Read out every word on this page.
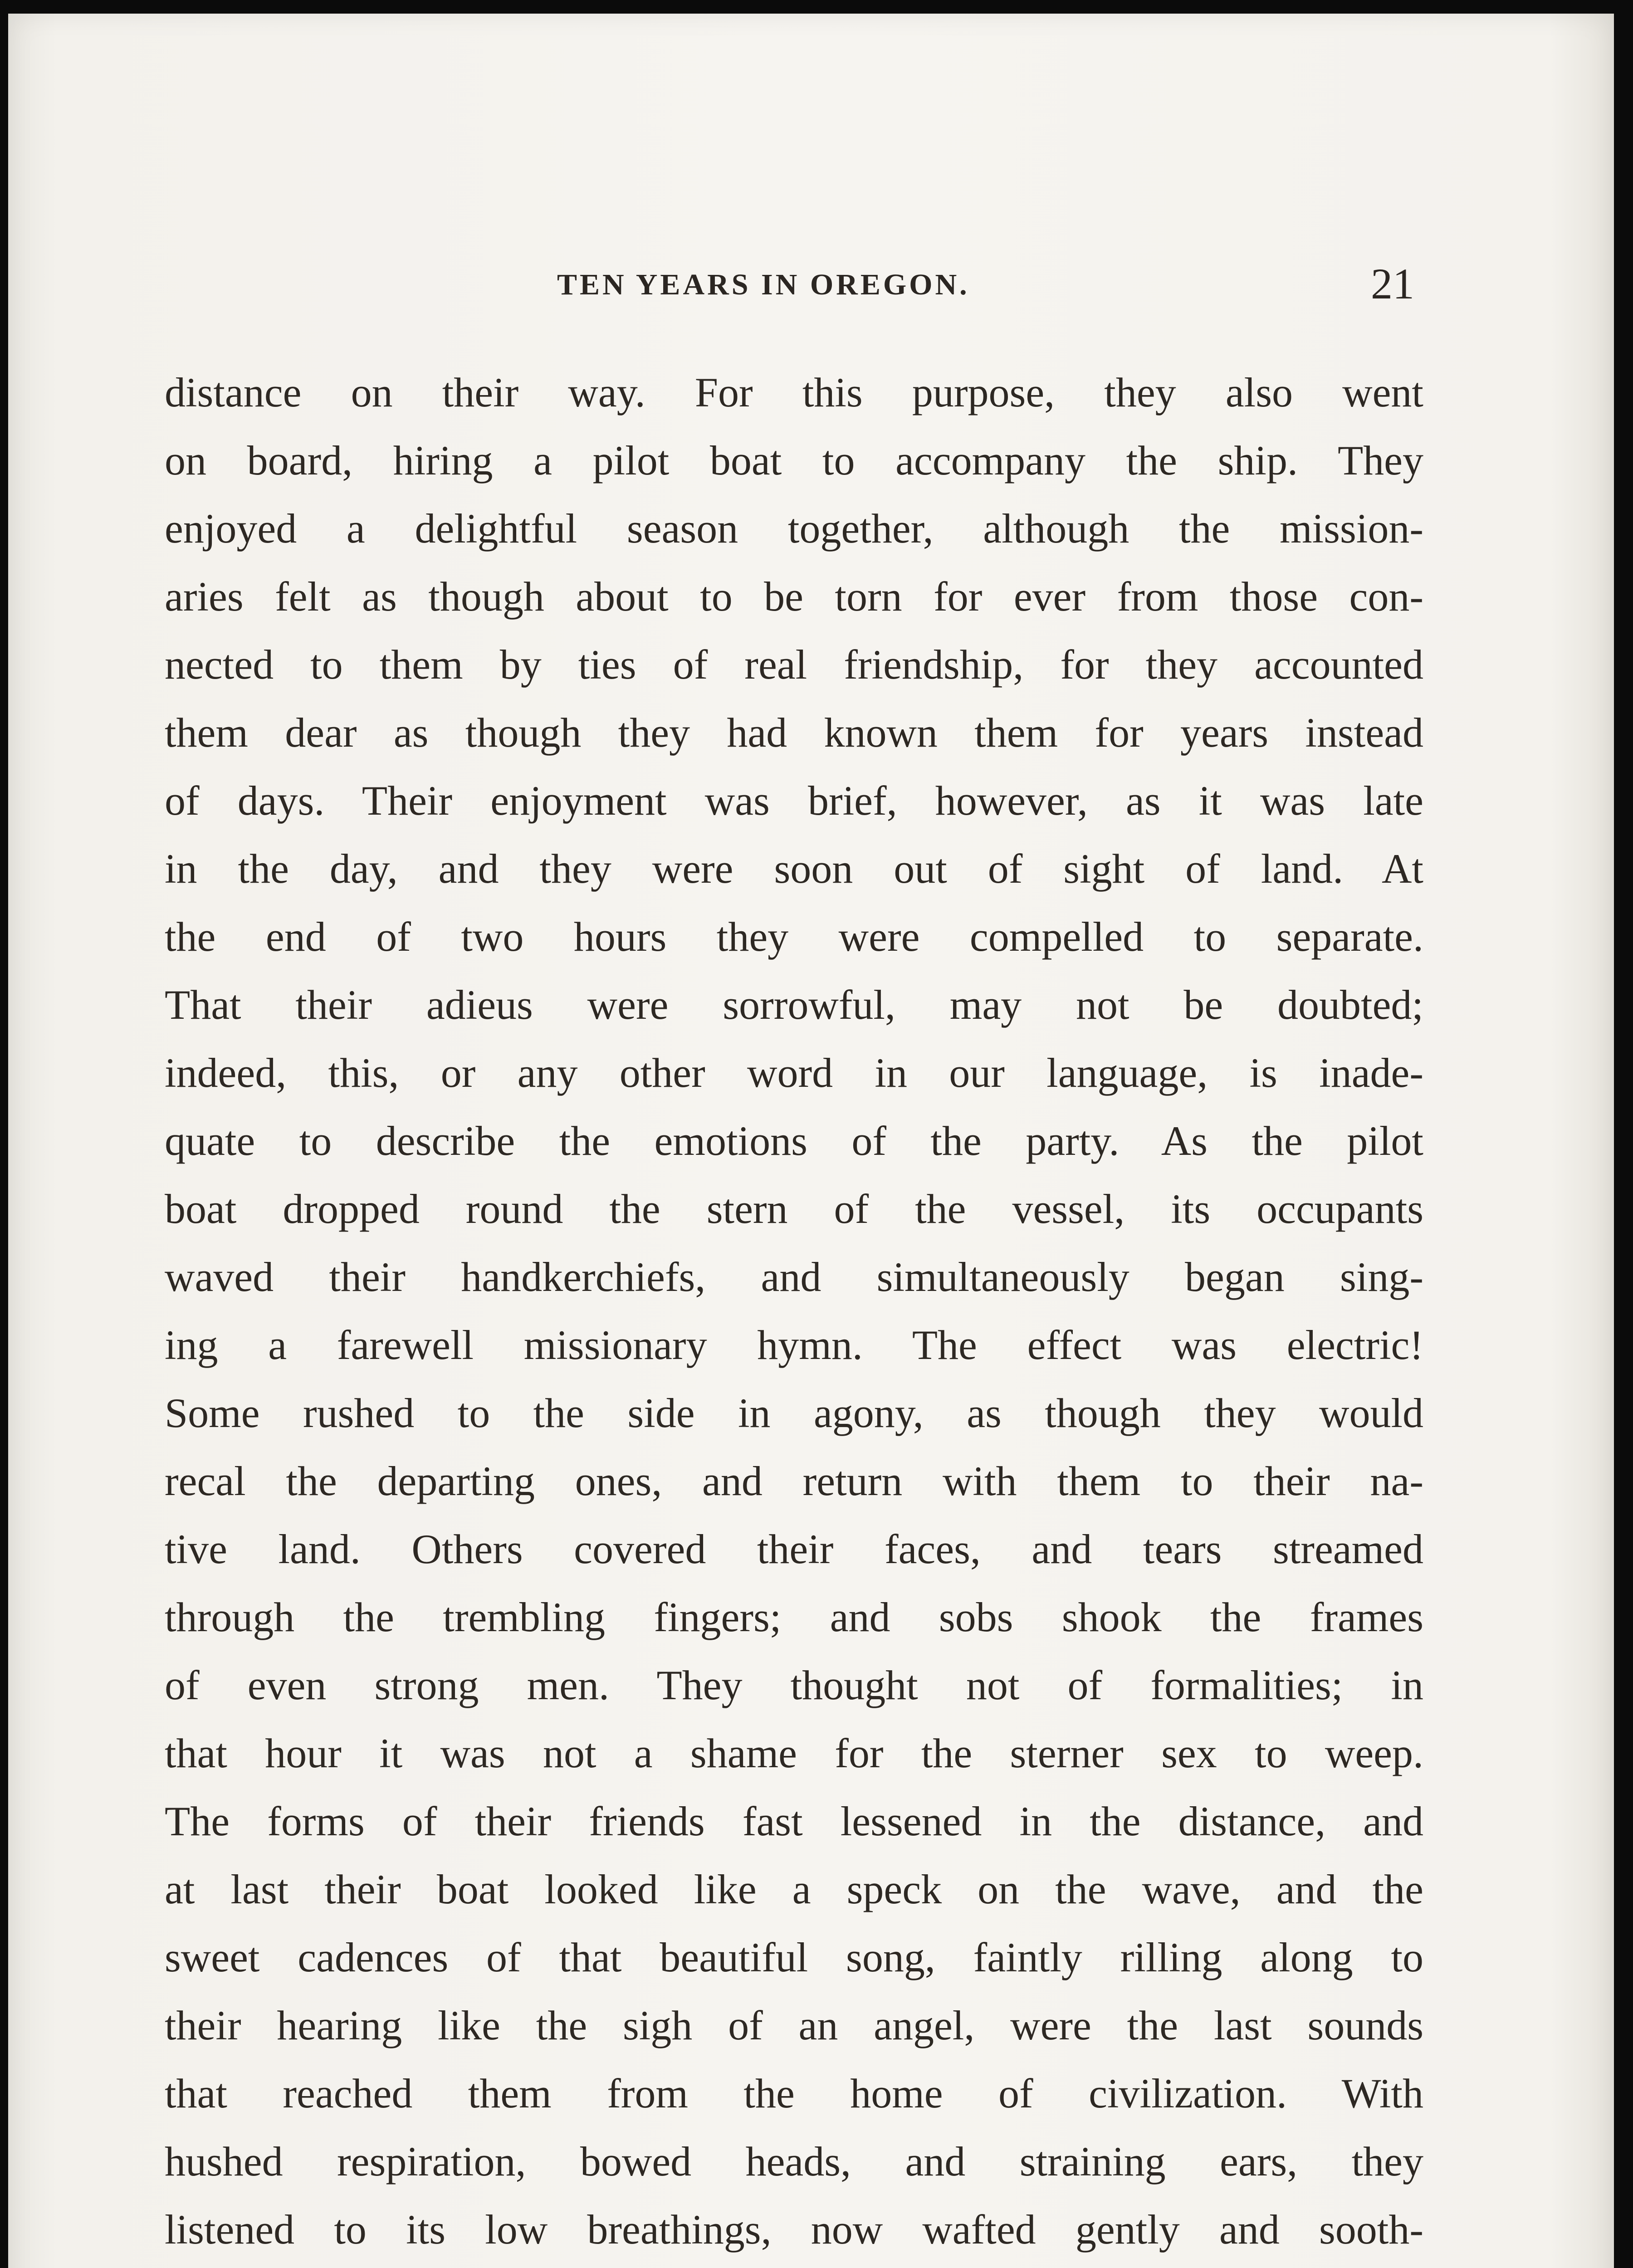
TEN YEARS IN OREGON.	21
distance on their way. For this purpose, they also went
on board, hiring a pilot boat to accompany the ship. They
enjoyed a delightful season together, although the mission-
aries felt as though about to be torn for ever from those con-
nected to them by ties of real friendship, for they accounted
them dear as though they had known them for years instead
of days. Their enjoyment was brief, however, as it was late
in the day, and they were soon out of sight of land. At
the end of two hours they were compelled to separate.
That their adieus were sorrowful, may not be doubted;
indeed, this, or any other word in our language, is inade-
quate to describe the emotions of the party. As the pilot
boat dropped round the stern of the vessel, its occupants
waved their handkerchiefs, and simultaneously began sing-
ing a farewell missionary hymn. The effect was electric!
Some rushed to the side in agony, as though they would
recal the departing ones, and return with them to their na-
tive land. Others covered their faces, and tears streamed
through the trembling fingers; and sobs shook the frames
of even strong men. They thought not of formalities; in
that hour it was not a shame for the sterner sex to weep.
The forms of their friends fast lessened in the distance, and
at last their boat looked like a speck on the wave, and the
sweet cadences of that beautiful song, faintly rilling along to
their hearing like the sigh of an angel, were the last sounds
that reached them from the home of civilization. With
hushed respiration, bowed heads, and straining ears, they
listened to its low breathings, now wafted gently and sooth-
